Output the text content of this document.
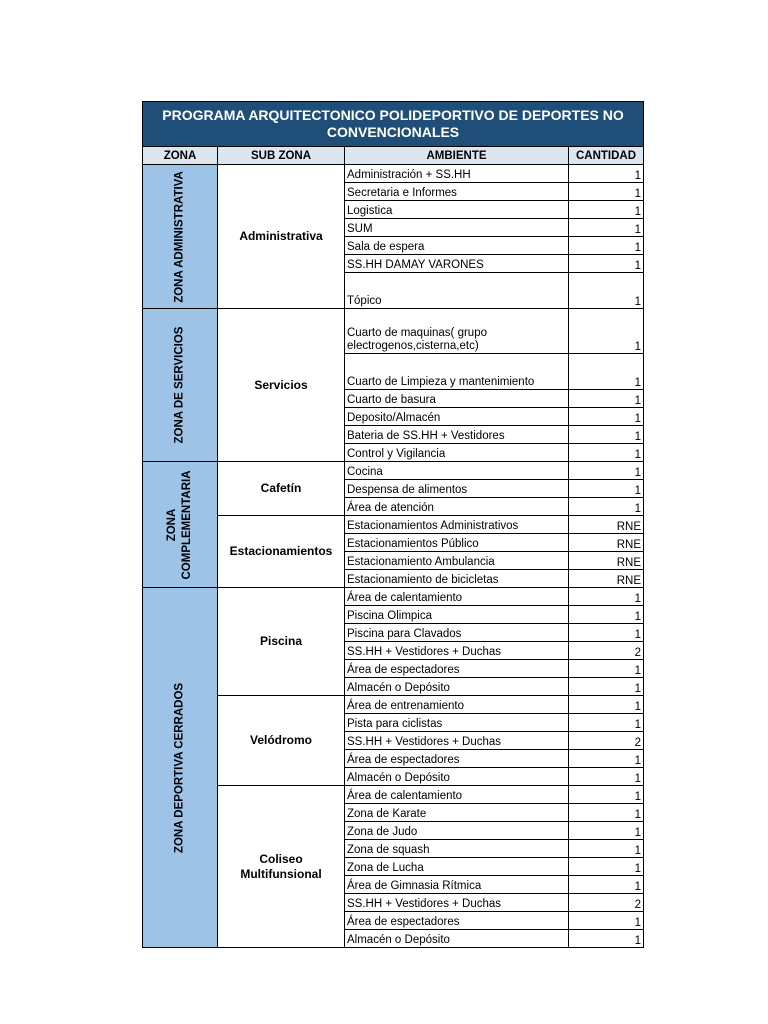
PROGRAMA ARQUITECTONICO POLIDEPORTIVO DE DEPORTES NO CONVENCIONALES			
ZONA	SUB ZONA	AMBIENTE	CANTIDAD

ZONA ADMINISTRATIVA	Administrativa	Administración + SS.HH	1
		Secretaria e Informes	1
		Logistica	1
		SUM	1
		Sala de espera	1
		SS.HH DAMAY VARONES	1
		Tópico	1

ZONA DE SERVICIOS	Servicios	Cuarto de maquinas( grupo electrogenos,cisterna,etc)	1
		Cuarto de Limpieza y mantenimiento	1
		Cuarto de basura	1
		Deposito/Almacén	1
		Bateria de SS.HH + Vestidores	1
		Control y Vigilancia	1

ZONA COMPLEMENTARIA	Cafetín	Cocina	1
		Despensa de alimentos	1
		Área de atención	1
	Estacionamientos	Estacionamientos Administrativos	RNE
		Estacionamientos Público	RNE
		Estacionamiento Ambulancia	RNE
		Estacionamiento de bicicletas	RNE

ZONA DEPORTIVA CERRADOS	Piscina	Área de calentamiento	1
		Piscina Olimpica	1
		Piscina para Clavados	1
		SS.HH + Vestidores + Duchas	2
		Área de espectadores	1
		Almacén o Depósito	1
	Velódromo	Área de entrenamiento	1
		Pista para ciclistas	1
		SS.HH + Vestidores + Duchas	2
		Área de espectadores	1
		Almacén o Depósito	1
	Coliseo Multifunsional	Área de calentamiento	1
		Zona de Karate	1
		Zona de Judo	1
		Zona de squash	1
		Zona de Lucha	1
		Área de Gimnasia Rítmica	1
		SS.HH + Vestidores + Duchas	2
		Área de espectadores	1
		Almacén o Depósito	1
